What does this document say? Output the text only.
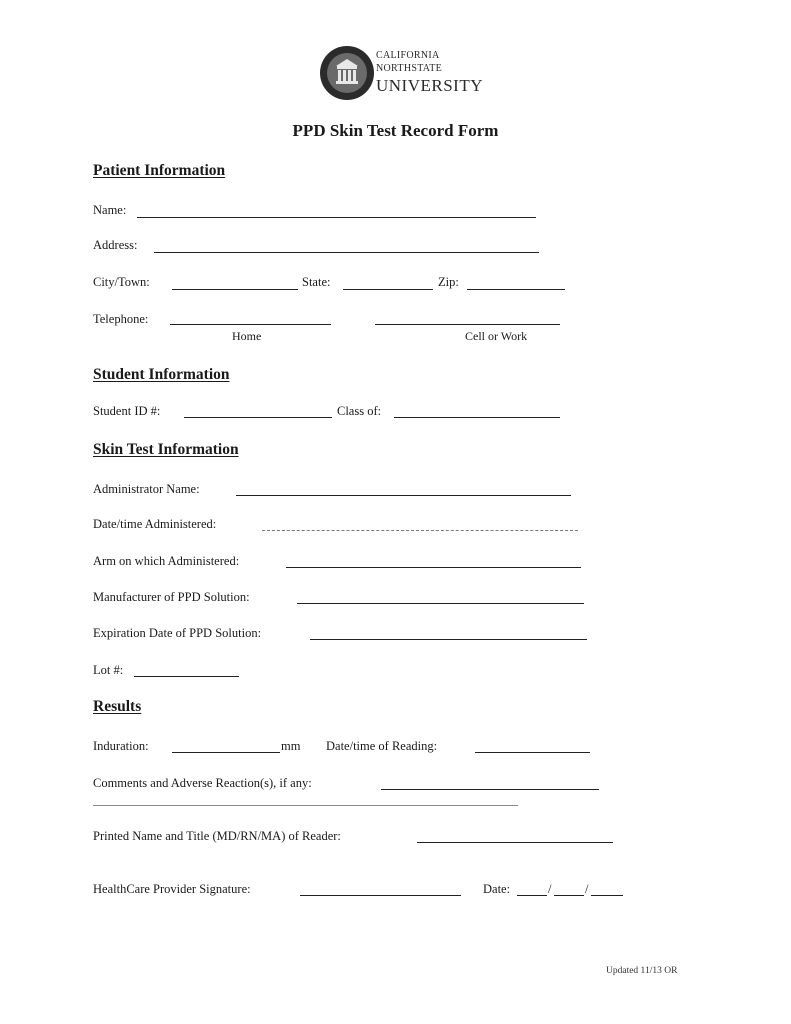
CALIFORNIA
NORTHSTATE
UNIVERSITY
PPD Skin Test Record Form
Patient Information
Name:
Address:
City/Town:	State:	Zip:
Telephone:
Home	Cell or Work
Student Information
Student ID #:	Class of:
Skin Test Information
Administrator Name:
Date/time Administered:
Arm on which Administered:
Manufacturer of PPD Solution:
Expiration Date of PPD Solution:
Lot #:
Results
Induration:	mm Date/time of Reading:
Comments and Adverse Reaction(s), if any:
Printed Name and Title (MD/RN/MA) of Reader:
HealthCare Provider Signature:	Date:	/	/
Updated 11/13 OR
